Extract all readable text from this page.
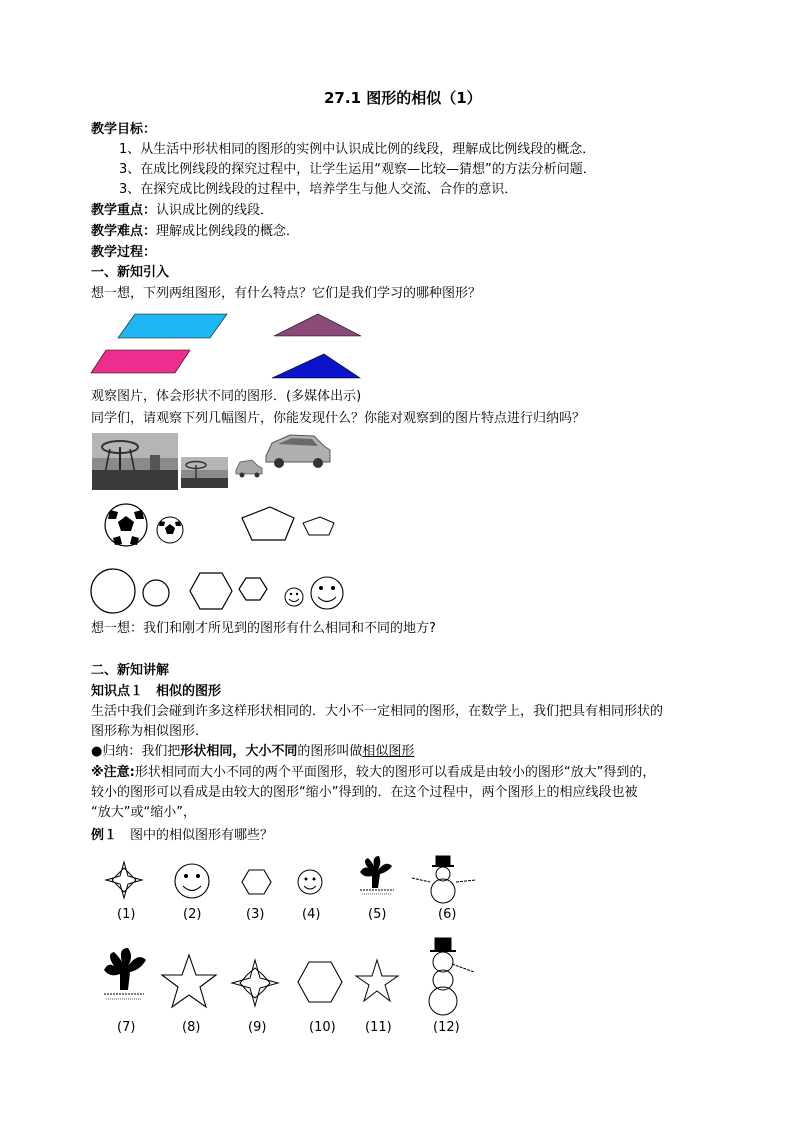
27.1 图形的相似（1）
教学目标：
1、从生活中形状相同的图形的实例中认识成比例的线段，理解成比例线段的概念．
3、在成比例线段的探究过程中，让学生运用“观察—比较—猜想”的方法分析问题．
3、在探究成比例线段的过程中，培养学生与他人交流、合作的意识．
教学重点：认识成比例的线段．
教学难点：理解成比例线段的概念．
教学过程：
一、新知引入
想一想，下列两组图形，有什么特点？它们是我们学习的哪种图形？
观察图片，体会形状不同的图形．(多媒体出示)
同学们，请观察下列几幅图片，你能发现什么？你能对观察到的图片特点进行归纳吗？
想一想：我们和刚才所见到的图形有什么相同和不同的地方?
二、新知讲解
知识点１  相似的图形
生活中我们会碰到许多这样形状相同的．大小不一定相同的图形，在数学上，我们把具有相同形状的
图形称为相似图形．
●归纳：我们把形状相同，大小不同的图形叫做相似图形
※注意:形状相同而大小不同的两个平面图形，较大的图形可以看成是由较小的图形“放大”得到的，
较小的图形可以看成是由较大的图形“缩小”得到的．在这个过程中，两个图形上的相应线段也被
“放大”或“缩小”，
例１  图中的相似图形有哪些？
(1)	(2)	(3)	(4)	(5)	(6)
(7)	(8)	(9)	(10) (11)	(12)
